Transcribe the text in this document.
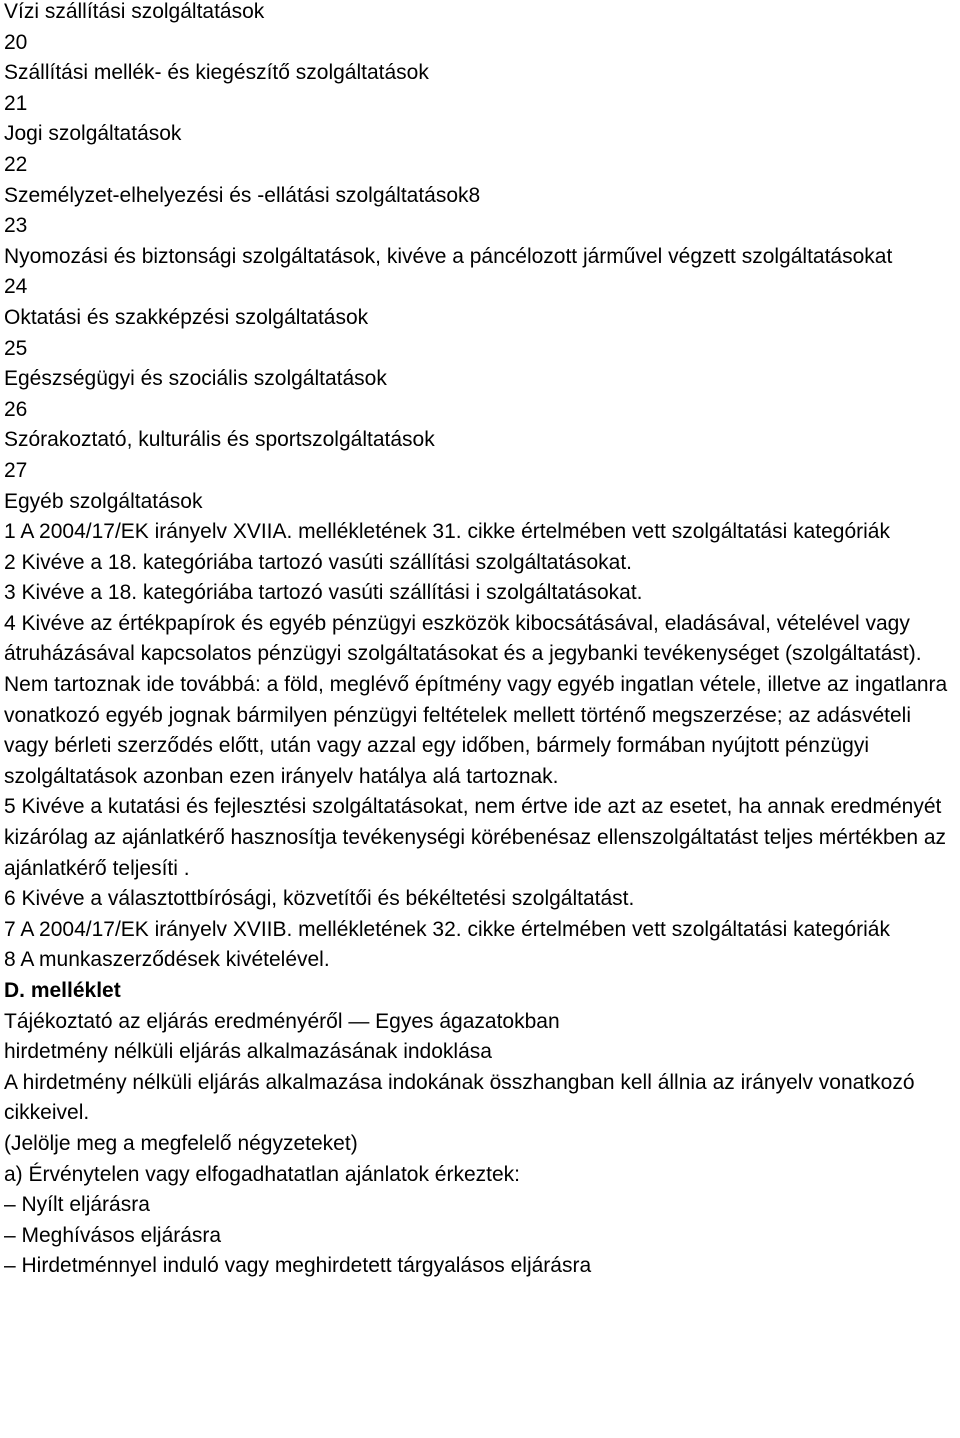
Vízi szállítási szolgáltatások

20

Szállítási mellék- és kiegészítő szolgáltatások

21

Jogi szolgáltatások

22

Személyzet-elhelyezési és -ellátási szolgáltatások8

23

Nyomozási és biztonsági szolgáltatások, kivéve a páncélozott járművel végzett szolgáltatásokat

24

Oktatási és szakképzési szolgáltatások

25

Egészségügyi és szociális szolgáltatások

26

Szórakoztató, kulturális és sportszolgáltatások

27

Egyéb szolgáltatások

1 A 2004/17/EK irányelv XVIIA. mellékletének 31. cikke értelmében vett szolgáltatási kategóriák

2 Kivéve a 18. kategóriába tartozó vasúti szállítási szolgáltatásokat.

3 Kivéve a 18. kategóriába tartozó vasúti szállítási i szolgáltatásokat.

4 Kivéve az értékpapírok és egyéb pénzügyi eszközök kibocsátásával, eladásával, vételével vagy átruházásával kapcsolatos pénzügyi szolgáltatásokat és a jegybanki tevékenységet (szolgáltatást).

Nem tartoznak ide továbbá: a föld, meglévő építmény vagy egyéb ingatlan vétele, illetve az ingatlanra vonatkozó egyéb jognak bármilyen pénzügyi feltételek mellett történő megszerzése; az adásvételi vagy bérleti szerződés előtt, után vagy azzal egy időben, bármely formában nyújtott pénzügyi szolgáltatások azonban ezen irányelv hatálya alá tartoznak.

5 Kivéve a kutatási és fejlesztési szolgáltatásokat, nem értve ide azt az esetet, ha annak eredményét kizárólag az ajánlatkérő hasznosítja tevékenységi körébenésaz ellenszolgáltatást teljes mértékben az ajánlatkérő teljesíti .

6 Kivéve a választottbírósági, közvetítői és békéltetési szolgáltatást.

7 A 2004/17/EK irányelv XVIIB. mellékletének 32. cikke értelmében vett szolgáltatási kategóriák

8 A munkaszerződések kivételével.

D. melléklet

Tájékoztató az eljárás eredményéről — Egyes ágazatokban

hirdetmény nélküli eljárás alkalmazásának indoklása

A hirdetmény nélküli eljárás alkalmazása indokának összhangban kell állnia az irányelv vonatkozó cikkeivel.

(Jelölje meg a megfelelő négyzeteket)

a) Érvénytelen vagy elfogadhatatlan ajánlatok érkeztek:

– Nyílt eljárásra

– Meghívásos eljárásra

– Hirdetménnyel induló vagy meghirdetett tárgyalásos eljárásra
